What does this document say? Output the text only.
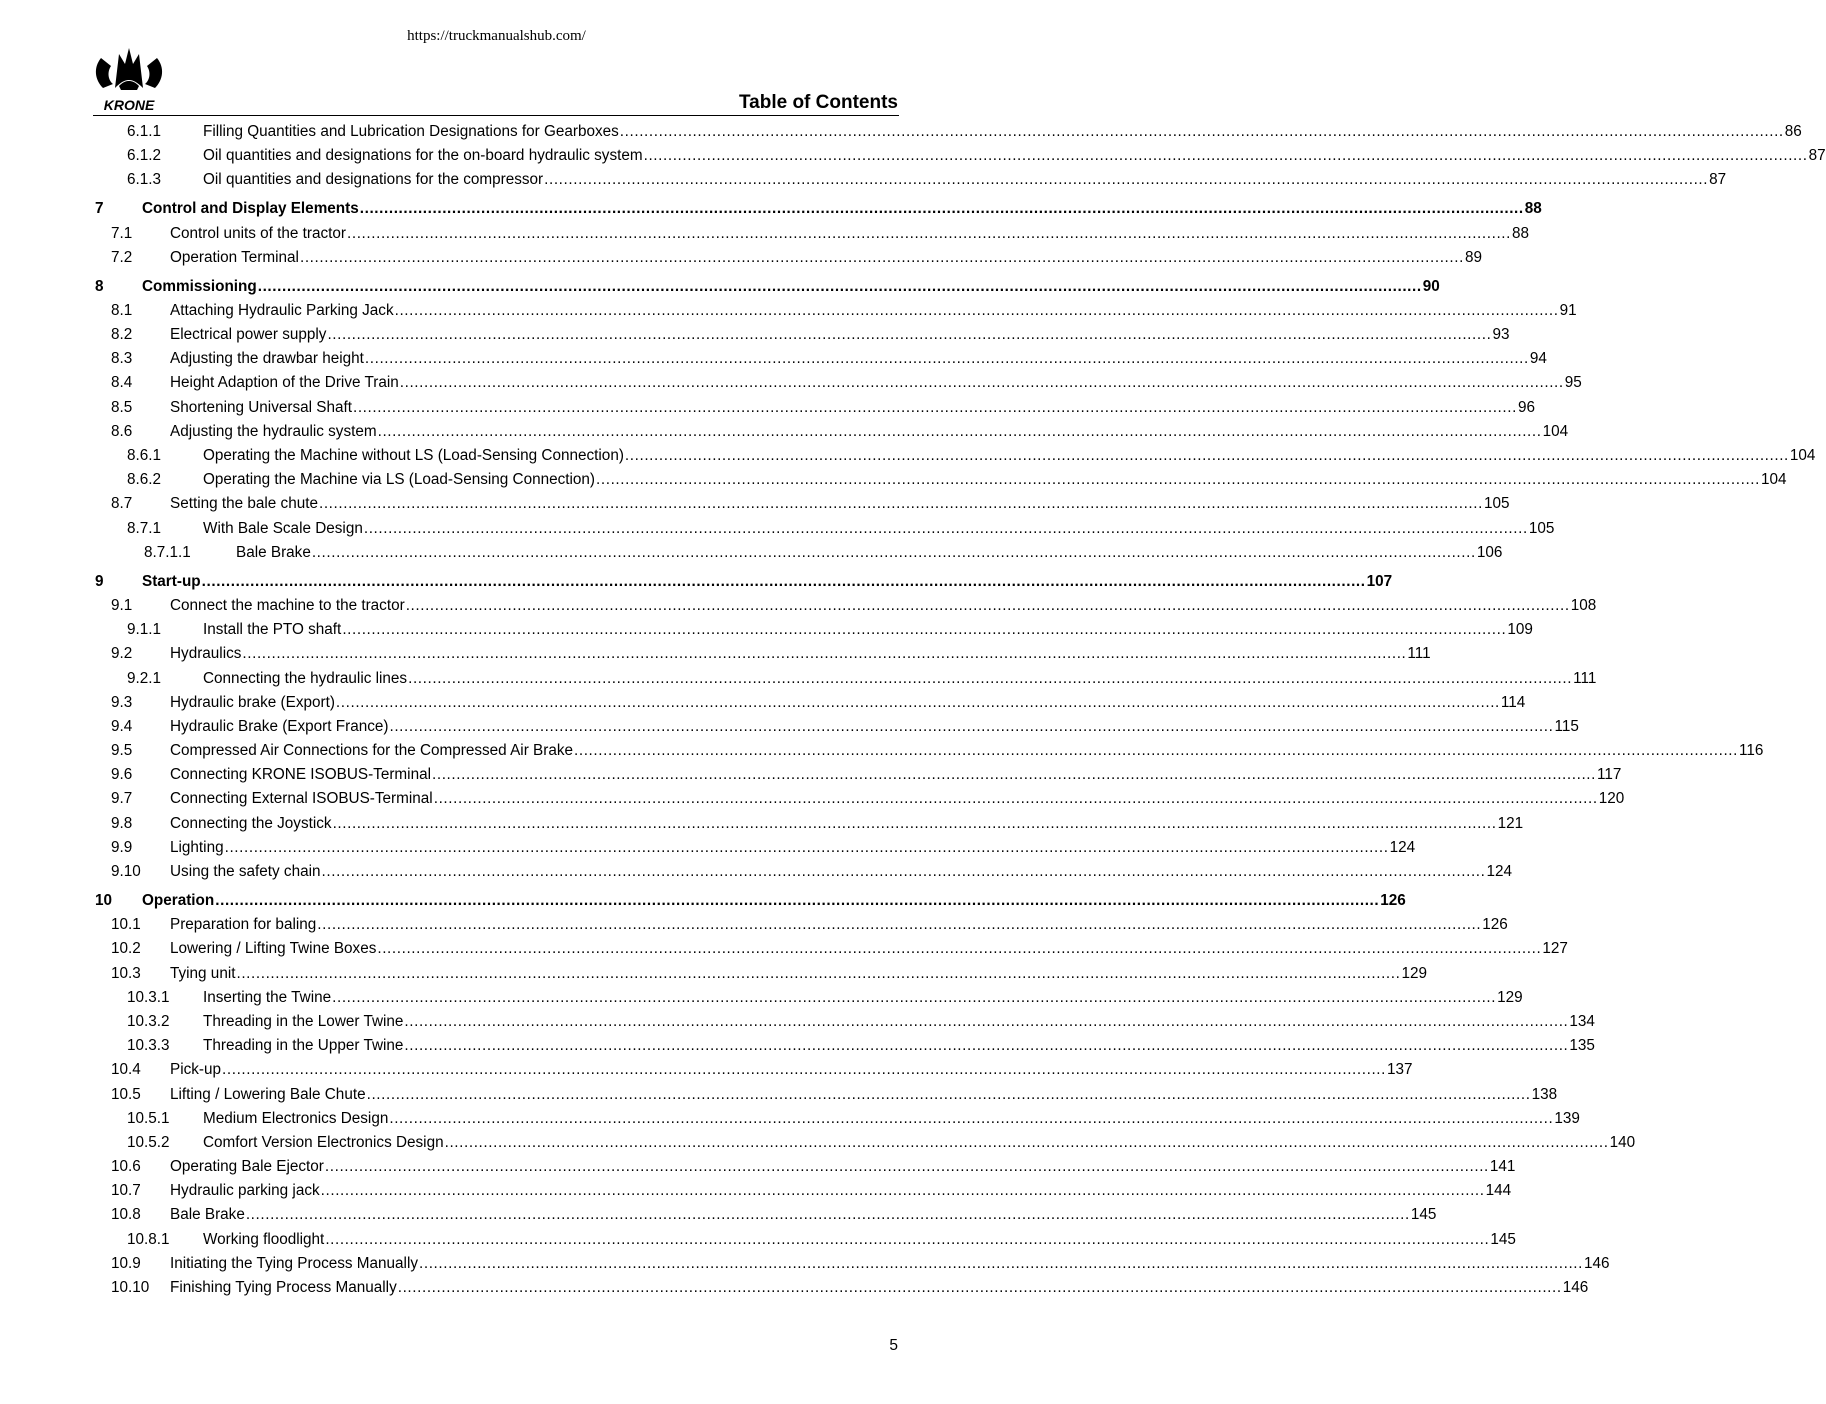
https://truckmanualshub.com/
KRONE	Table of Contents
6.1.1	Filling Quantities and Lubrication Designations for Gearboxes .....	86
6.1.2	Oil quantities and designations for the on-board hydraulic system .....	87
6.1.3	Oil quantities and designations for the compressor .....	87
7	Control and Display Elements .....	88
7.1 Control units of the tractor .....	88
7.2 Operation Terminal .....	89
8	Commissioning .....	90
8.1 Attaching Hydraulic Parking Jack .....	91
8.2 Electrical power supply .....	93
8.3 Adjusting the drawbar height .....	94
8.4 Height Adaption of the Drive Train .....	95
8.5 Shortening Universal Shaft .....	96
8.6 Adjusting the hydraulic system .....	104
8.6.1	Operating the Machine without LS (Load-Sensing Connection) .....	104
8.6.2	Operating the Machine via LS (Load-Sensing Connection) .....	104
8.7 Setting the bale chute .....	105
8.7.1	With Bale Scale Design .....	105
8.7.1.1	Bale Brake .....	106
9	Start-up .....	107
9.1 Connect the machine to the tractor .....	108
9.1.1	Install the PTO shaft .....	109
9.2 Hydraulics .....	111
9.2.1	Connecting the hydraulic lines .....	111
9.3 Hydraulic brake (Export) .....	114
9.4 Hydraulic Brake (Export France) .....	115
9.5 Compressed Air Connections for the Compressed Air Brake .....	116
9.6 Connecting KRONE ISOBUS-Terminal .....	117
9.7 Connecting External ISOBUS-Terminal .....	120
9.8 Connecting the Joystick .....	121
9.9 Lighting .....	124
9.10 Using the safety chain .....	124
10 Operation .....	126
10.1 Preparation for baling .....	126
10.2 Lowering / Lifting Twine Boxes .....	127
10.3 Tying unit .....	129
10.3.1 Inserting the Twine .....	129
10.3.2 Threading in the Lower Twine .....	134
10.3.3 Threading in the Upper Twine .....	135
10.4 Pick-up .....	137
10.5 Lifting / Lowering Bale Chute .....	138
10.5.1 Medium Electronics Design .....	139
10.5.2 Comfort Version Electronics Design .....	140
10.6 Operating Bale Ejector .....	141
10.7 Hydraulic parking jack .....	144
10.8 Bale Brake .....	145
10.8.1 Working floodlight .....	145
10.9 Initiating the Tying Process Manually .....	146
10.10 Finishing Tying Process Manually .....	146
5
